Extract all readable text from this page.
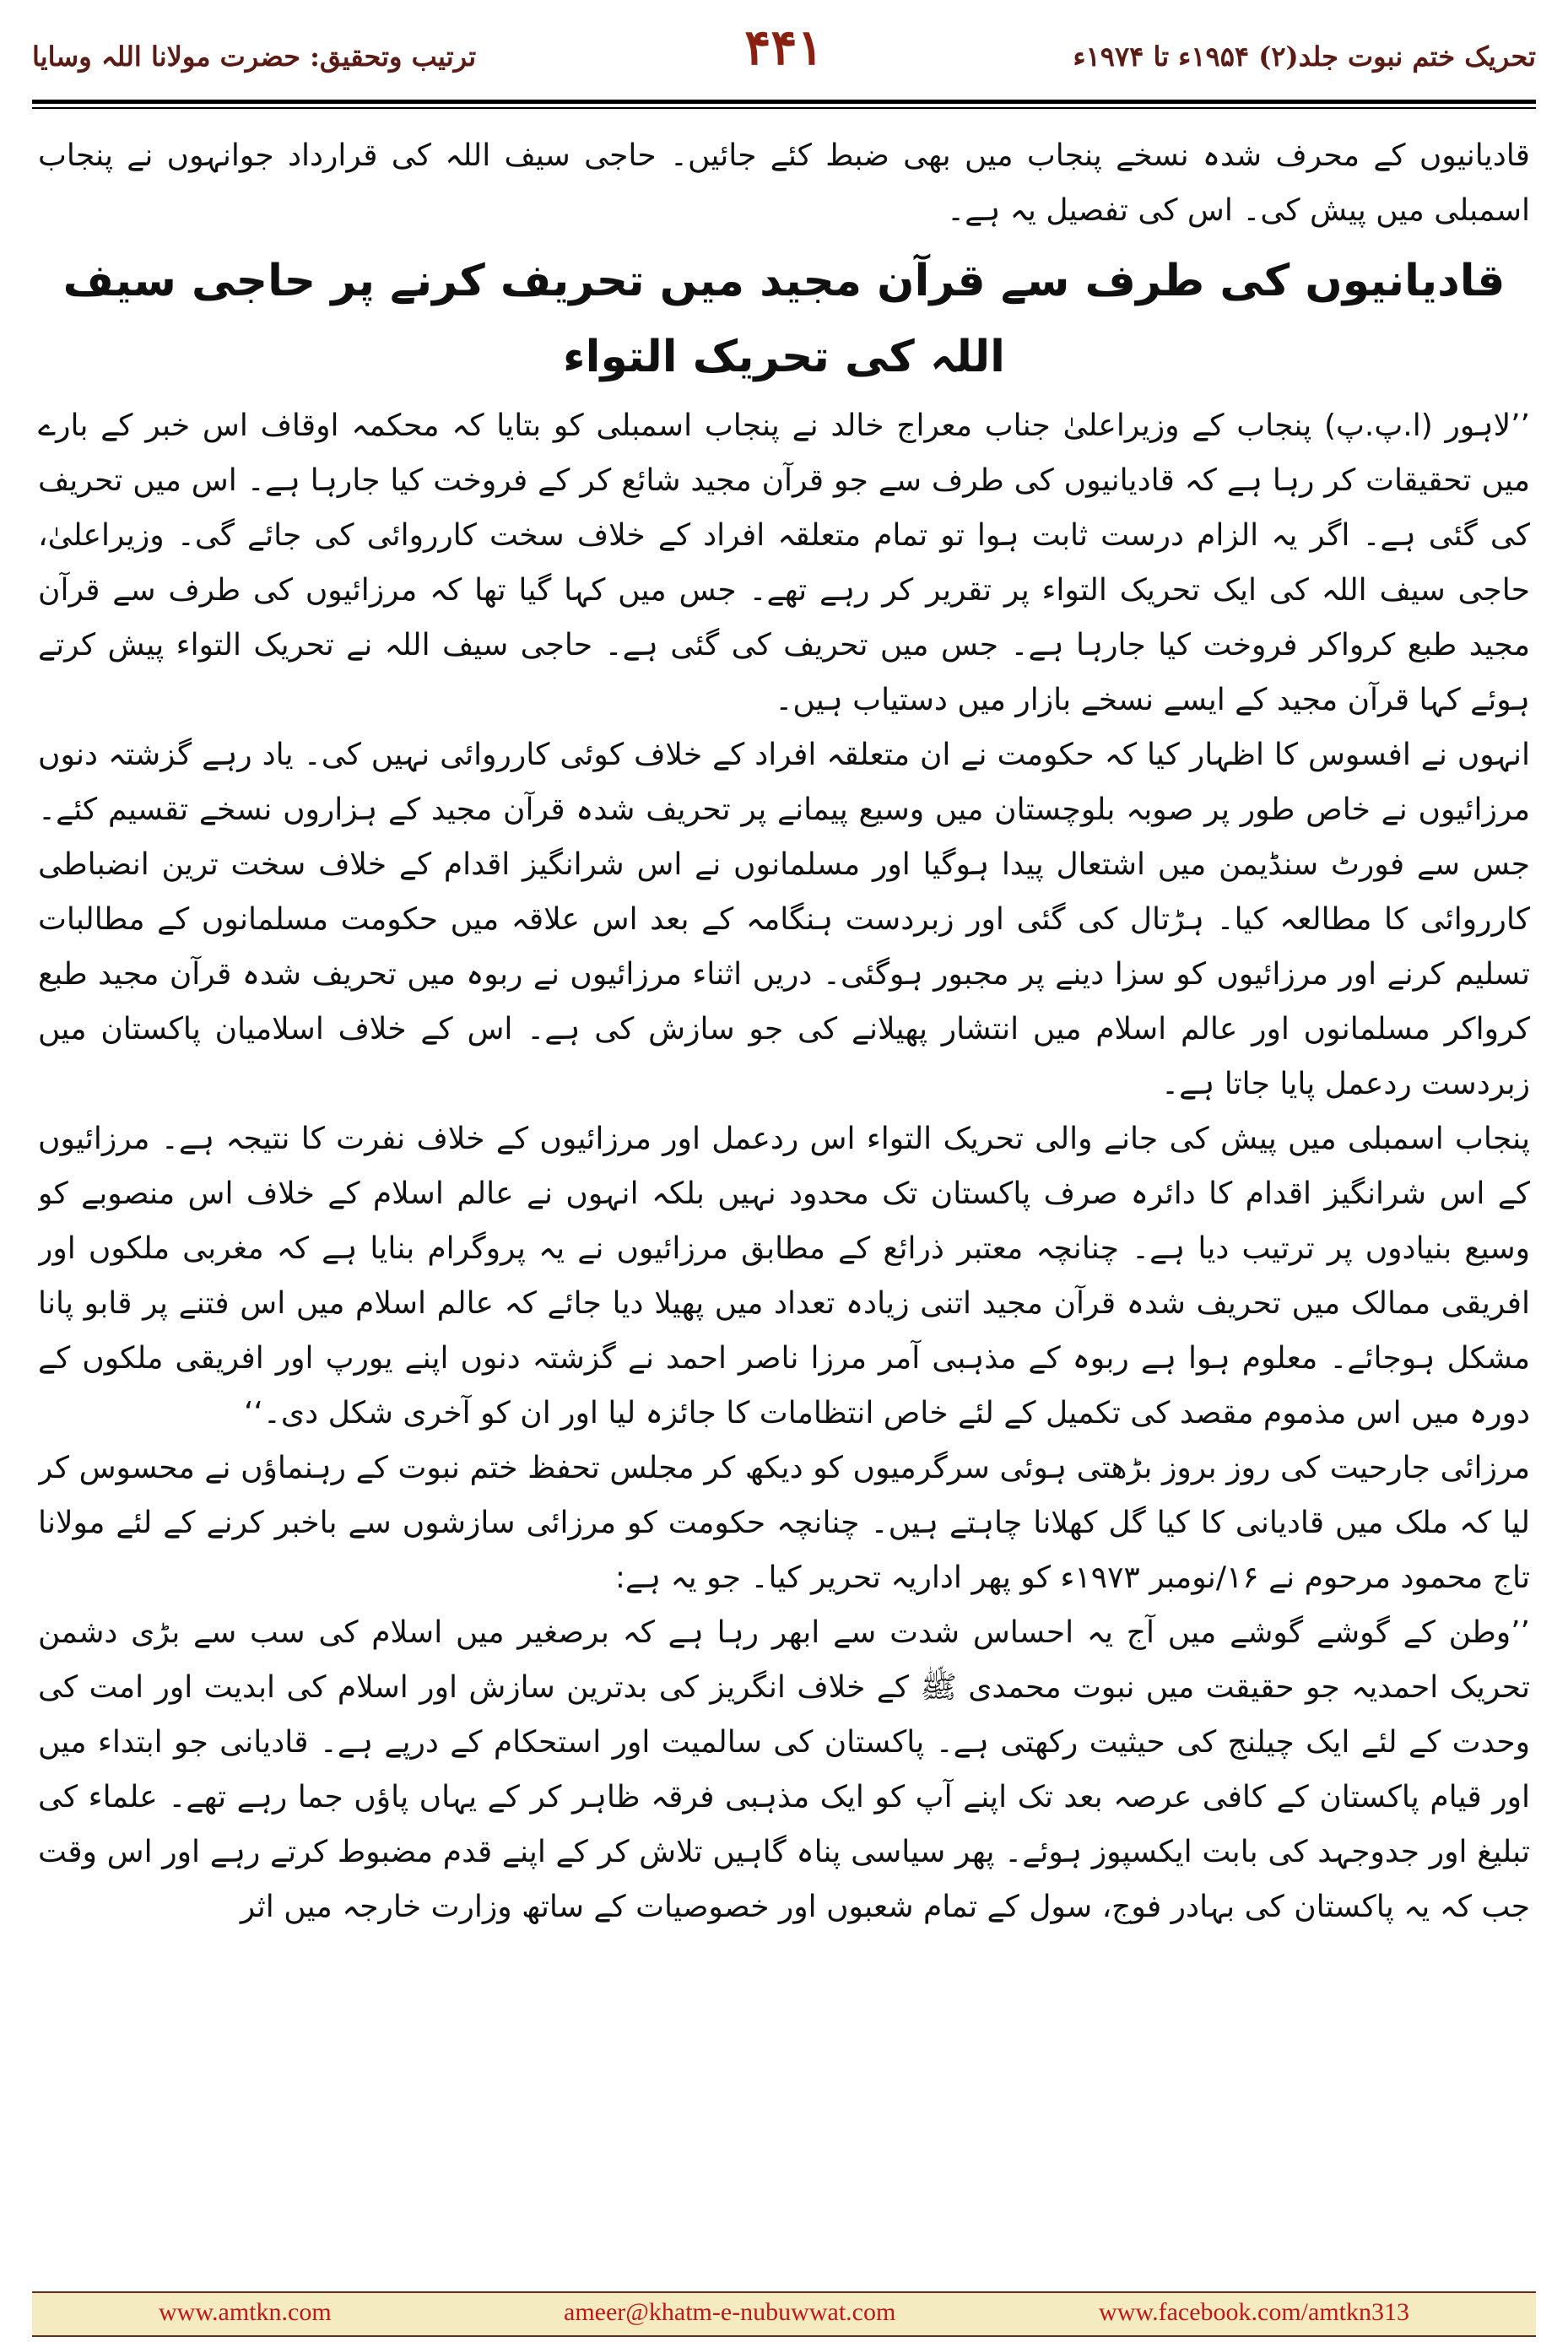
ترتیب وتحقیق: حضرت مولانا اللہ وسایا	۴۴۱	تحریک ختم نبوت جلد(۲) ۱۹۵۴ء تا ۱۹۷۴ء

قادیانیوں کے محرف شدہ نسخے پنجاب میں بھی ضبط کئے جائیں۔ حاجی سیف اللہ کی قرارداد جوانہوں نے پنجاب اسمبلی میں پیش کی۔ اس کی تفصیل یہ ہے۔

قادیانیوں کی طرف سے قرآن مجید میں تحریف کرنے پر حاجی سیف اللہ کی تحریک التواء

’’لاہور (ا.پ.پ) پنجاب کے وزیراعلیٰ جناب معراج خالد نے پنجاب اسمبلی کو بتایا کہ محکمہ اوقاف اس خبر کے بارے میں تحقیقات کر رہا ہے کہ قادیانیوں کی طرف سے جو قرآن مجید شائع کر کے فروخت کیا جارہا ہے۔ اس میں تحریف کی گئی ہے۔ اگر یہ الزام درست ثابت ہوا تو تمام متعلقہ افراد کے خلاف سخت کارروائی کی جائے گی۔ وزیراعلیٰ، حاجی سیف اللہ کی ایک تحریک التواء پر تقریر کر رہے تھے۔ جس میں کہا گیا تھا کہ مرزائیوں کی طرف سے قرآن مجید طبع کرواکر فروخت کیا جارہا ہے۔ جس میں تحریف کی گئی ہے۔ حاجی سیف اللہ نے تحریک التواء پیش کرتے ہوئے کہا قرآن مجید کے ایسے نسخے بازار میں دستیاب ہیں۔

انہوں نے افسوس کا اظہار کیا کہ حکومت نے ان متعلقہ افراد کے خلاف کوئی کارروائی نہیں کی۔ یاد رہے گزشتہ دنوں مرزائیوں نے خاص طور پر صوبہ بلوچستان میں وسیع پیمانے پر تحریف شدہ قرآن مجید کے ہزاروں نسخے تقسیم کئے۔ جس سے فورٹ سنڈیمن میں اشتعال پیدا ہوگیا اور مسلمانوں نے اس شرانگیز اقدام کے خلاف سخت ترین انضباطی کارروائی کا مطالعہ کیا۔ ہڑتال کی گئی اور زبردست ہنگامہ کے بعد اس علاقہ میں حکومت مسلمانوں کے مطالبات تسلیم کرنے اور مرزائیوں کو سزا دینے پر مجبور ہوگئی۔ دریں اثناء مرزائیوں نے ربوہ میں تحریف شدہ قرآن مجید طبع کرواکر مسلمانوں اور عالم اسلام میں انتشار پھیلانے کی جو سازش کی ہے۔ اس کے خلاف اسلامیان پاکستان میں زبردست ردعمل پایا جاتا ہے۔

پنجاب اسمبلی میں پیش کی جانے والی تحریک التواء اس ردعمل اور مرزائیوں کے خلاف نفرت کا نتیجہ ہے۔ مرزائیوں کے اس شرانگیز اقدام کا دائرہ صرف پاکستان تک محدود نہیں بلکہ انہوں نے عالم اسلام کے خلاف اس منصوبے کو وسیع بنیادوں پر ترتیب دیا ہے۔ چنانچہ معتبر ذرائع کے مطابق مرزائیوں نے یہ پروگرام بنایا ہے کہ مغربی ملکوں اور افریقی ممالک میں تحریف شدہ قرآن مجید اتنی زیادہ تعداد میں پھیلا دیا جائے کہ عالم اسلام میں اس فتنے پر قابو پانا مشکل ہوجائے۔ معلوم ہوا ہے ربوہ کے مذہبی آمر مرزا ناصر احمد نے گزشتہ دنوں اپنے یورپ اور افریقی ملکوں کے دورہ میں اس مذموم مقصد کی تکمیل کے لئے خاص انتظامات کا جائزہ لیا اور ان کو آخری شکل دی۔‘‘

مرزائی جارحیت کی روز بروز بڑھتی ہوئی سرگرمیوں کو دیکھ کر مجلس تحفظ ختم نبوت کے رہنماؤں نے محسوس کر لیا کہ ملک میں قادیانی کا کیا گل کھلانا چاہتے ہیں۔ چنانچہ حکومت کو مرزائی سازشوں سے باخبر کرنے کے لئے مولانا تاج محمود مرحوم نے ۱۶/نومبر ۱۹۷۳ء کو پھر اداریہ تحریر کیا۔ جو یہ ہے:

’’وطن کے گوشے گوشے میں آج یہ احساس شدت سے ابھر رہا ہے کہ برصغیر میں اسلام کی سب سے بڑی دشمن تحریک احمدیہ جو حقیقت میں نبوت محمدی ﷺ کے خلاف انگریز کی بدترین سازش اور اسلام کی ابدیت اور امت کی وحدت کے لئے ایک چیلنج کی حیثیت رکھتی ہے۔ پاکستان کی سالمیت اور استحکام کے درپے ہے۔ قادیانی جو ابتداء میں اور قیام پاکستان کے کافی عرصہ بعد تک اپنے آپ کو ایک مذہبی فرقہ ظاہر کر کے یہاں پاؤں جما رہے تھے۔ علماء کی تبلیغ اور جدوجہد کی بابت ایکسپوز ہوئے۔ پھر سیاسی پناہ گاہیں تلاش کر کے اپنے قدم مضبوط کرتے رہے اور اس وقت جب کہ یہ پاکستان کی بہادر فوج، سول کے تمام شعبوں اور خصوصیات کے ساتھ وزارت خارجہ میں اثر

www.amtkn.com	ameer@khatm-e-nubuwwat.com	www.facebook.com/amtkn313
